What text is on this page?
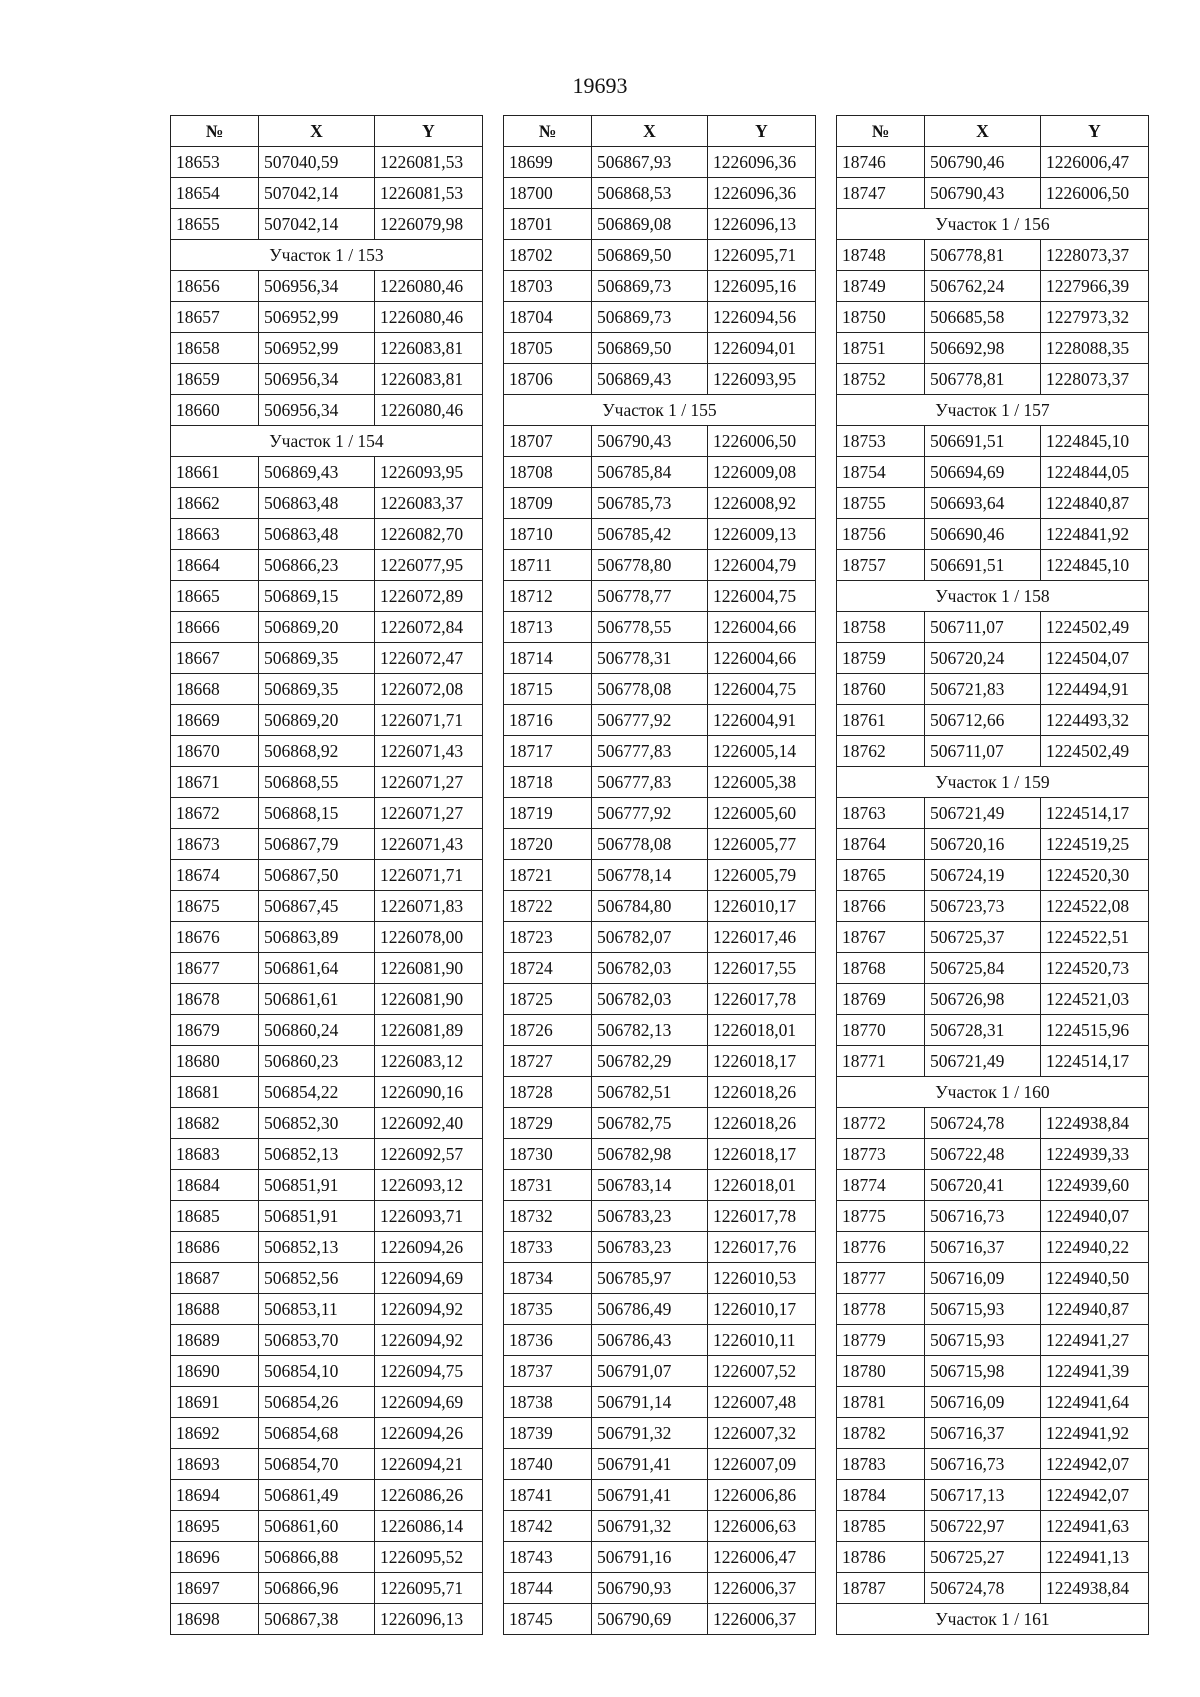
19693
№	X	Y
18653	507040,59	1226081,53
18654	507042,14	1226081,53
18655	507042,14	1226079,98
Участок 1 / 153		
18656	506956,34	1226080,46
18657	506952,99	1226080,46
18658	506952,99	1226083,81
18659	506956,34	1226083,81
18660	506956,34	1226080,46
Участок 1 / 154		
18661	506869,43	1226093,95
18662	506863,48	1226083,37
18663	506863,48	1226082,70
18664	506866,23	1226077,95
18665	506869,15	1226072,89
18666	506869,20	1226072,84
18667	506869,35	1226072,47
18668	506869,35	1226072,08
18669	506869,20	1226071,71
18670	506868,92	1226071,43
18671	506868,55	1226071,27
18672	506868,15	1226071,27
18673	506867,79	1226071,43
18674	506867,50	1226071,71
18675	506867,45	1226071,83
18676	506863,89	1226078,00
18677	506861,64	1226081,90
18678	506861,61	1226081,90
18679	506860,24	1226081,89
18680	506860,23	1226083,12
18681	506854,22	1226090,16
18682	506852,30	1226092,40
18683	506852,13	1226092,57
18684	506851,91	1226093,12
18685	506851,91	1226093,71
18686	506852,13	1226094,26
18687	506852,56	1226094,69
18688	506853,11	1226094,92
18689	506853,70	1226094,92
18690	506854,10	1226094,75
18691	506854,26	1226094,69
18692	506854,68	1226094,26
18693	506854,70	1226094,21
18694	506861,49	1226086,26
18695	506861,60	1226086,14
18696	506866,88	1226095,52
18697	506866,96	1226095,71
18698	506867,38	1226096,13
№	X	Y
18699	506867,93	1226096,36
18700	506868,53	1226096,36
18701	506869,08	1226096,13
18702	506869,50	1226095,71
18703	506869,73	1226095,16
18704	506869,73	1226094,56
18705	506869,50	1226094,01
18706	506869,43	1226093,95
Участок 1 / 155		
18707	506790,43	1226006,50
18708	506785,84	1226009,08
18709	506785,73	1226008,92
18710	506785,42	1226009,13
18711	506778,80	1226004,79
18712	506778,77	1226004,75
18713	506778,55	1226004,66
18714	506778,31	1226004,66
18715	506778,08	1226004,75
18716	506777,92	1226004,91
18717	506777,83	1226005,14
18718	506777,83	1226005,38
18719	506777,92	1226005,60
18720	506778,08	1226005,77
18721	506778,14	1226005,79
18722	506784,80	1226010,17
18723	506782,07	1226017,46
18724	506782,03	1226017,55
18725	506782,03	1226017,78
18726	506782,13	1226018,01
18727	506782,29	1226018,17
18728	506782,51	1226018,26
18729	506782,75	1226018,26
18730	506782,98	1226018,17
18731	506783,14	1226018,01
18732	506783,23	1226017,78
18733	506783,23	1226017,76
18734	506785,97	1226010,53
18735	506786,49	1226010,17
18736	506786,43	1226010,11
18737	506791,07	1226007,52
18738	506791,14	1226007,48
18739	506791,32	1226007,32
18740	506791,41	1226007,09
18741	506791,41	1226006,86
18742	506791,32	1226006,63
18743	506791,16	1226006,47
18744	506790,93	1226006,37
18745	506790,69	1226006,37
№	X	Y
18746	506790,46	1226006,47
18747	506790,43	1226006,50
Участок 1 / 156		
18748	506778,81	1228073,37
18749	506762,24	1227966,39
18750	506685,58	1227973,32
18751	506692,98	1228088,35
18752	506778,81	1228073,37
Участок 1 / 157		
18753	506691,51	1224845,10
18754	506694,69	1224844,05
18755	506693,64	1224840,87
18756	506690,46	1224841,92
18757	506691,51	1224845,10
Участок 1 / 158		
18758	506711,07	1224502,49
18759	506720,24	1224504,07
18760	506721,83	1224494,91
18761	506712,66	1224493,32
18762	506711,07	1224502,49
Участок 1 / 159		
18763	506721,49	1224514,17
18764	506720,16	1224519,25
18765	506724,19	1224520,30
18766	506723,73	1224522,08
18767	506725,37	1224522,51
18768	506725,84	1224520,73
18769	506726,98	1224521,03
18770	506728,31	1224515,96
18771	506721,49	1224514,17
Участок 1 / 160		
18772	506724,78	1224938,84
18773	506722,48	1224939,33
18774	506720,41	1224939,60
18775	506716,73	1224940,07
18776	506716,37	1224940,22
18777	506716,09	1224940,50
18778	506715,93	1224940,87
18779	506715,93	1224941,27
18780	506715,98	1224941,39
18781	506716,09	1224941,64
18782	506716,37	1224941,92
18783	506716,73	1224942,07
18784	506717,13	1224942,07
18785	506722,97	1224941,63
18786	506725,27	1224941,13
18787	506724,78	1224938,84
Участок 1 / 161		
